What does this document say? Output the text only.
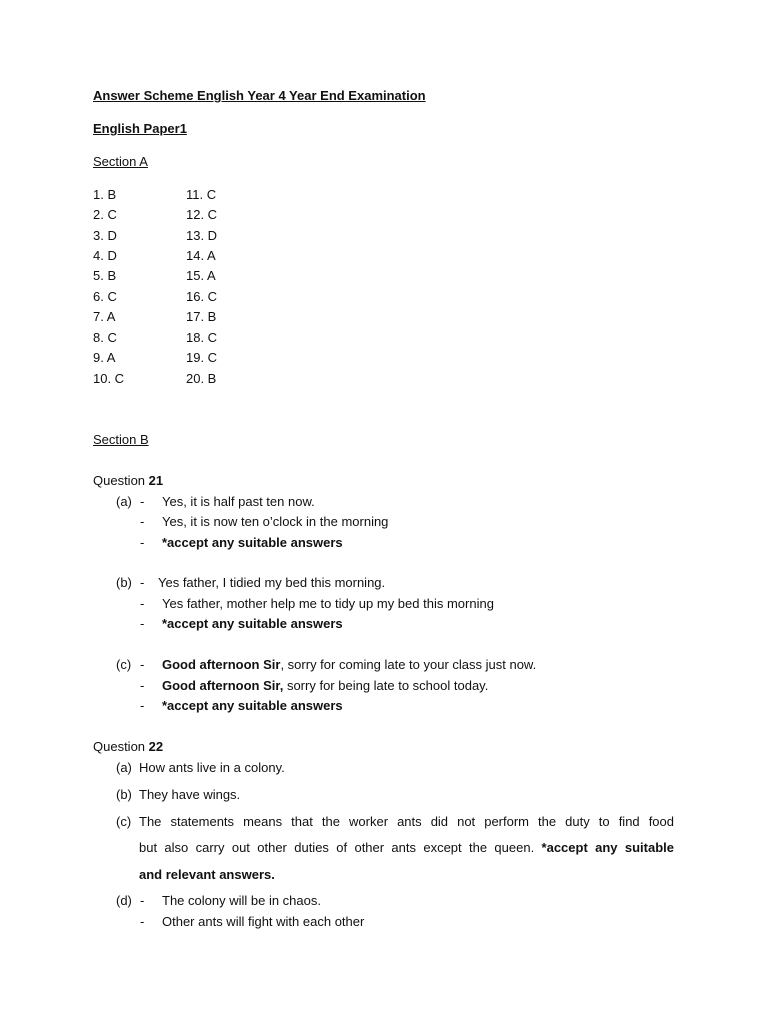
Answer Scheme English Year 4 Year End Examination
English Paper1
Section A
1. B
2. C
3. D
4. D
5. B
6. C
7. A
8. C
9. A
10. C
11. C
12. C
13. D
14. A
15. A
16. C
17. B
18. C
19. C
20. B
Section B
Question 21
(a) - Yes, it is half past ten now.
- Yes, it is now ten o’clock in the morning
- *accept any suitable answers
(b) - Yes father, I tidied my bed this morning.
- Yes father, mother help me to tidy up my bed this morning
- *accept any suitable answers
(c) - Good afternoon Sir, sorry for coming late to your class just now.
- Good afternoon Sir, sorry for being late to school today.
- *accept any suitable answers
Question 22
(a) How ants live in a colony.
(b) They have wings.
(c) The statements means that the worker ants did not perform the duty to find food
but also carry out other duties of other ants except the queen. *accept any suitable
and relevant answers.
(d) - The colony will be in chaos.
- Other ants will fight with each other
